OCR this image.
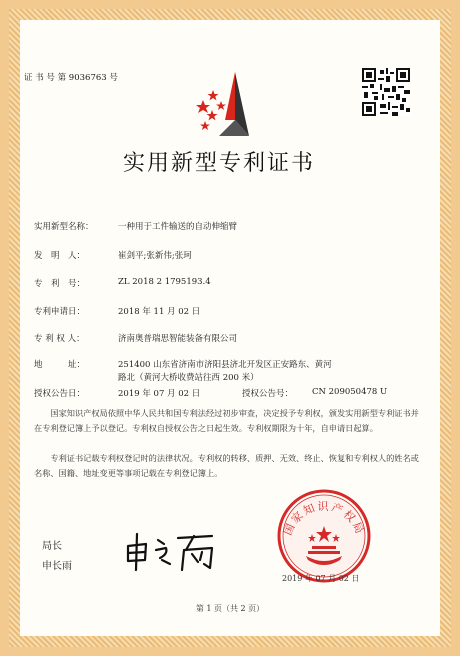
证 书 号 第 9036763 号
实用新型专利证书
实用新型名称：	一种用于工件输送的自动伸缩臂
发　明　人：	崔剑平;张新伟;张珂
专　利　号：	ZL 2018 2 1795193.4
专利申请日：	2018 年 11 月 02 日
专 利 权 人：	济南奥普瑞思智能装备有限公司
地　　　址：	251400 山东省济南市济阳县济北开发区正安路东、黄河
路北（黄河大桥收费站往西 200 米）
授权公告日：	2019 年 07 月 02 日	授权公告号： CN 209050478 U
国家知识产权局依照中华人民共和国专利法经过初步审查，决定授予专利权，颁发实用新型专利证书并在专利登记簿上予以登记。专利权自授权公告之日起生效。专利权期限为十年，自申请日起算。
专利证书记载专利权登记时的法律状况。专利权的转移、质押、无效、终止、恢复和专利权人的姓名或名称、国籍、地址变更等事项记载在专利登记簿上。
局长
申长雨
国家知识产权局
2019 年 07 月 02 日
第 1 页（共 2 页）
